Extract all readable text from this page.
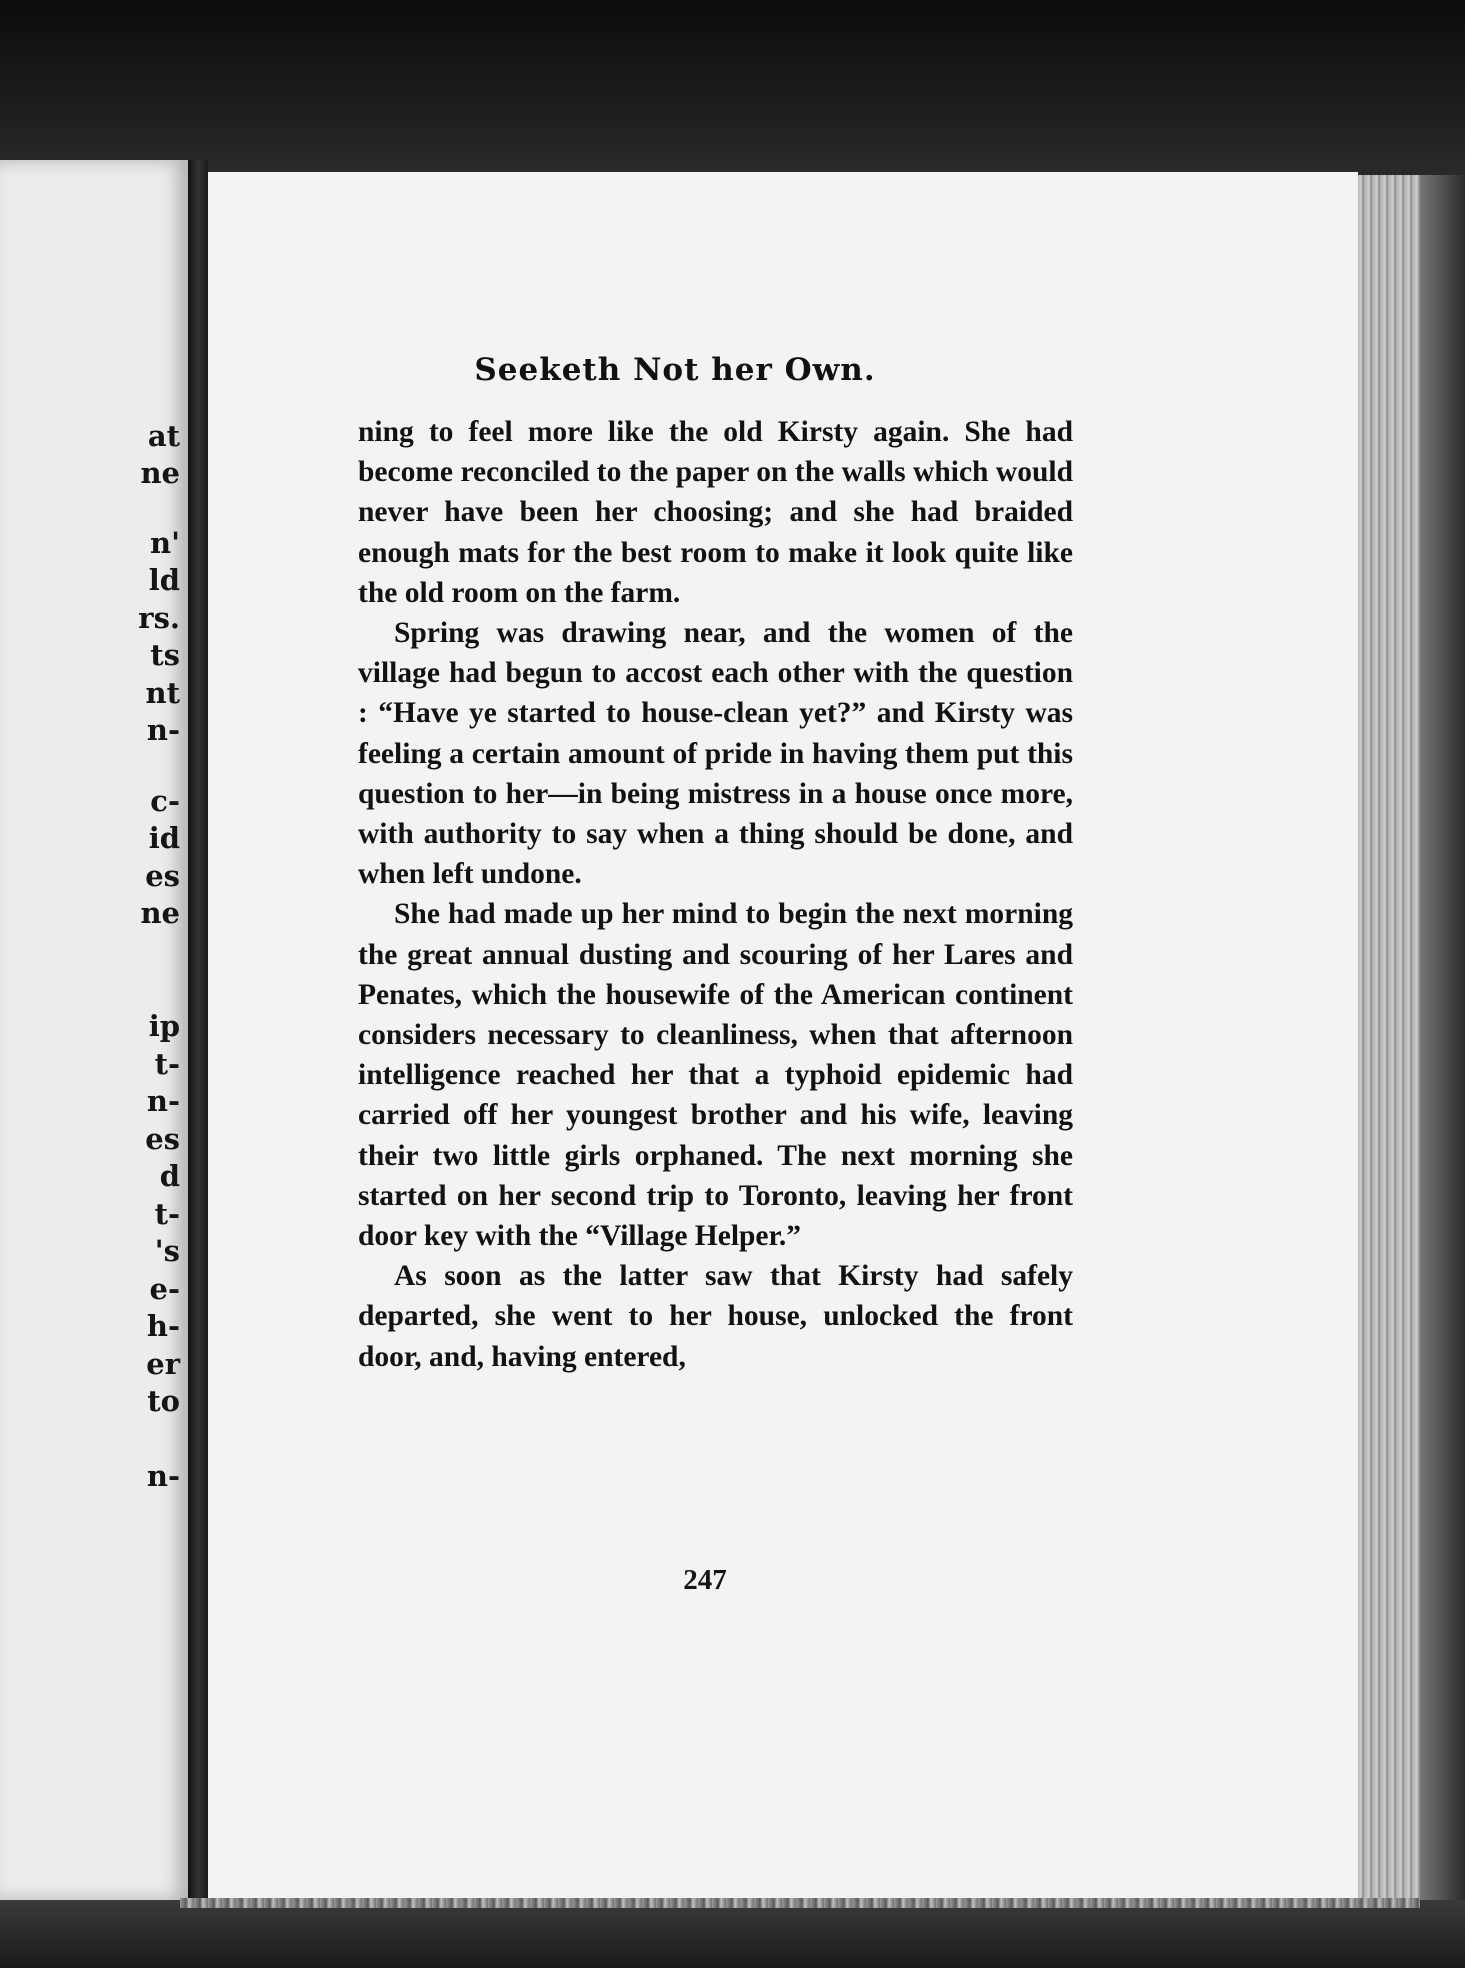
at
ne
n'
ld
rs.
ts
nt
n-
c-
id
es
ne
ip
t-
n-
es
d
t-
's
e-
h-
er
to
n-
Seeketh Not her Own.

ning to feel more like the old Kirsty again. She had become reconciled to the paper on the walls which would never have been her choosing; and she had braided enough mats for the best room to make it look quite like the old room on the farm.

Spring was drawing near, and the women of the village had begun to accost each other with the question : “Have ye started to house-clean yet?” and Kirsty was feeling a certain amount of pride in having them put this question to her—in being mistress in a house once more, with authority to say when a thing should be done, and when left undone.

She had made up her mind to begin the next morning the great annual dusting and scouring of her Lares and Penates, which the housewife of the American continent considers necessary to cleanliness, when that afternoon intelligence reached her that a typhoid epidemic had carried off her youngest brother and his wife, leaving their two little girls orphaned. The next morning she started on her second trip to Toronto, leaving her front door key with the “Village Helper.”

As soon as the latter saw that Kirsty had safely departed, she went to her house, unlocked the front door, and, having entered,

247
